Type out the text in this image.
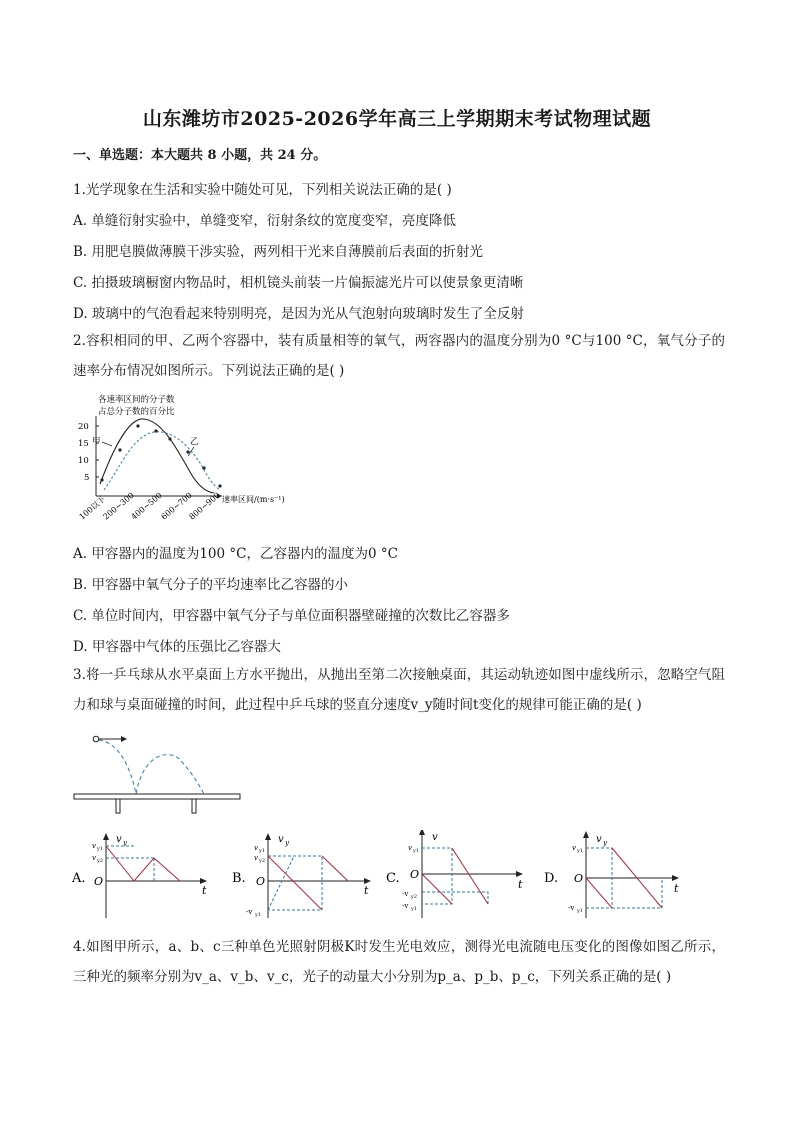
山东潍坊市2025-2026学年高三上学期期末考试物理试题
一、单选题：本大题共 8 小题，共 24 分。
1.光学现象在生活和实验中随处可见，下列相关说法正确的是( )
A. 单缝衍射实验中，单缝变窄，衍射条纹的宽度变窄，亮度降低
B. 用肥皂膜做薄膜干涉实验，两列相干光来自薄膜前后表面的折射光
C. 拍摄玻璃橱窗内物品时，相机镜头前装一片偏振滤光片可以使景象更清晰
D. 玻璃中的气泡看起来特别明亮，是因为光从气泡射向玻璃时发生了全反射
2.容积相同的甲、乙两个容器中，装有质量相等的氧气，两容器内的温度分别为0 °C与100 °C，氧气分子的速率分布情况如图所示。下列说法正确的是( )
各速率区间的分子数
占总分子数的百分比
速率区间/(m·s⁻¹)
20
15
10
5
100以下
200~300
400~500
600~700
800~900
甲	乙
A. 甲容器内的温度为100 °C，乙容器内的温度为0 °C
B. 甲容器中氧气分子的平均速率比乙容器的小
C. 单位时间内，甲容器中氧气分子与单位面积器壁碰撞的次数比乙容器多
D. 甲容器中气体的压强比乙容器大
3.将一乒乓球从水平桌面上方水平抛出，从抛出至第二次接触桌面，其运动轨迹如图中虚线所示，忽略空气阻力和球与桌面碰撞的时间，此过程中乒乓球的竖直分速度v_y随时间t变化的规律可能正确的是( )
A.
v y
O
t
v y1
v y2
B.
v y
O
t
v y1
v y2
-v y1
C.
v
O
t
v y1
-v y2
-v y1
D.
v y
O
t
v y1
-v y1
4.如图甲所示，a、b、c三种单色光照射阴极K时发生光电效应，测得光电流随电压变化的图像如图乙所示，三种光的频率分别为v_a、v_b、v_c，光子的动量大小分别为p_a、p_b、p_c，下列关系正确的是( )
